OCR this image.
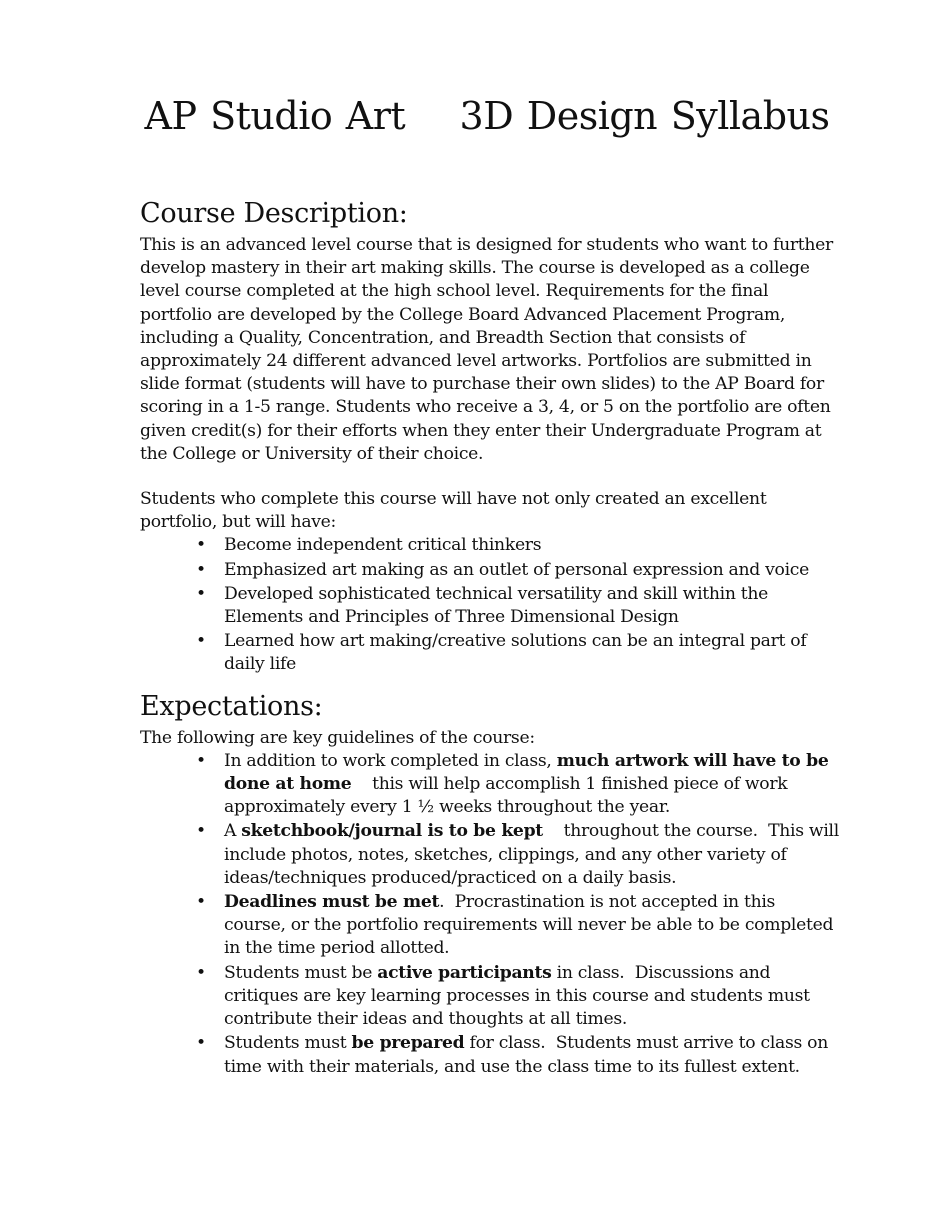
AP Studio Art 3D Design Syllabus
Course Description:

This is an advanced level course that is designed for students who want to further develop mastery in their art making skills. The course is developed as a college level course completed at the high school level. Requirements for the final portfolio are developed by the College Board Advanced Placement Program, including a Quality, Concentration, and Breadth Section that consists of approximately 24 different advanced level artworks. Portfolios are submitted in slide format (students will have to purchase their own slides) to the AP Board for scoring in a 1-5 range. Students who receive a 3, 4, or 5 on the portfolio are often given credit(s) for their efforts when they enter their Undergraduate Program at the College or University of their choice.

Students who complete this course will have not only created an excellent portfolio, but will have:

• Become independent critical thinkers
• Emphasized art making as an outlet of personal expression and voice
• Developed sophisticated technical versatility and skill within the Elements and Principles of Three Dimensional Design
• Learned how art making/creative solutions can be an integral part of daily life
Expectations:

The following are key guidelines of the course:

• In addition to work completed in class, much artwork will have to be done at home    this will help accomplish 1 finished piece of work approximately every 1 ½ weeks throughout the year.
• A sketchbook/journal is to be kept    throughout the course.  This will include photos, notes, sketches, clippings, and any other variety of ideas/techniques produced/practiced on a daily basis.
• Deadlines must be met.  Procrastination is not accepted in this course, or the portfolio requirements will never be able to be completed in the time period allotted.
• Students must be active participants in class.  Discussions and critiques are key learning processes in this course and students must contribute their ideas and thoughts at all times.
• Students must be prepared for class.  Students must arrive to class on time with their materials, and use the class time to its fullest extent.
